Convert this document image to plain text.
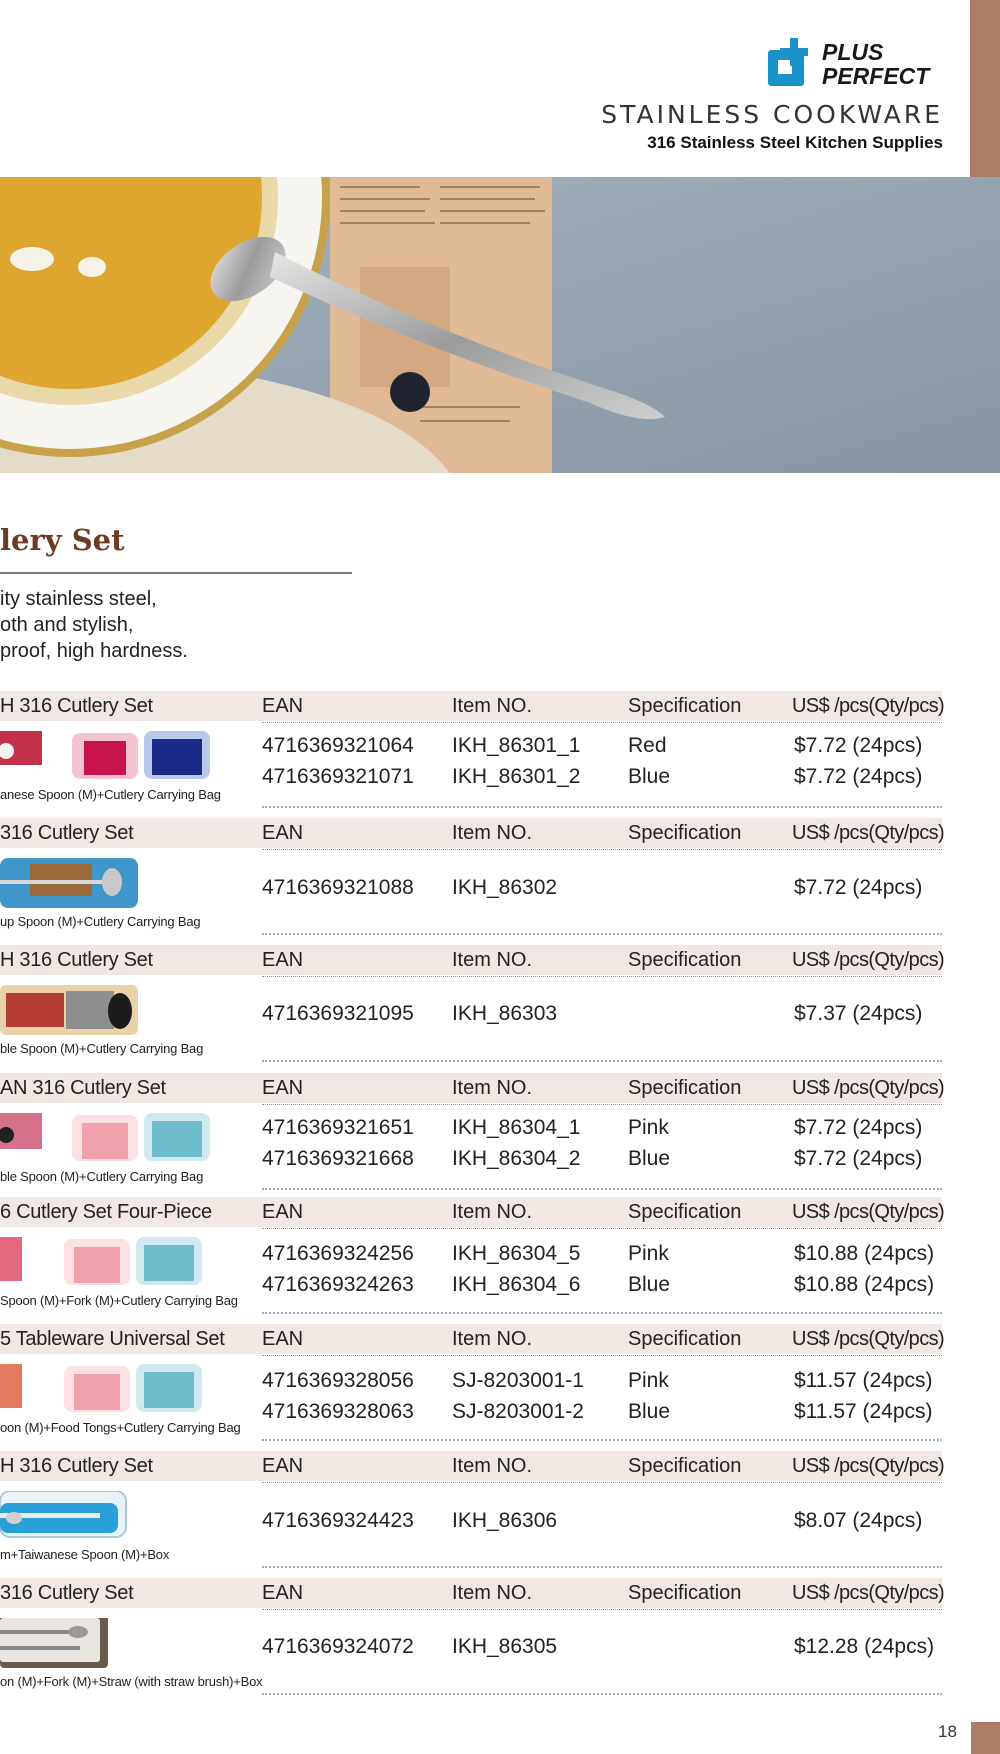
PLUS
PERFECT
STAINLESS COOKWARE
316 Stainless Steel Kitchen Supplies
lery Set
ity stainless steel,
oth and stylish,
proof, high hardness.
H 316 Cutlery Set	EAN	Item NO.	Specification	US$ /pcs(Qty/pcs)
anese Spoon (M)+Cutlery Carrying Bag
4716369321064 IKH_86301_1 Red	$7.72 (24pcs)
4716369321071 IKH_86301_2 Blue	$7.72 (24pcs)
316 Cutlery Set	EAN	Item NO.	Specification	US$ /pcs(Qty/pcs)
up Spoon (M)+Cutlery Carrying Bag
4716369321088 IKH_86302	$7.72 (24pcs)
H 316 Cutlery Set	EAN	Item NO.	Specification	US$ /pcs(Qty/pcs)
ble Spoon (M)+Cutlery Carrying Bag
4716369321095 IKH_86303	$7.37 (24pcs)
AN 316 Cutlery Set	EAN	Item NO.	Specification	US$ /pcs(Qty/pcs)
ble Spoon (M)+Cutlery Carrying Bag
4716369321651 IKH_86304_1 Pink	$7.72 (24pcs)
4716369321668 IKH_86304_2 Blue	$7.72 (24pcs)
6 Cutlery Set Four-Piece	EAN	Item NO.	Specification	US$ /pcs(Qty/pcs)
Spoon (M)+Fork (M)+Cutlery Carrying Bag
4716369324256 IKH_86304_5 Pink	$10.88 (24pcs)
4716369324263 IKH_86304_6 Blue	$10.88 (24pcs)
5 Tableware Universal Set EAN	Item NO.	Specification	US$ /pcs(Qty/pcs)
oon (M)+Food Tongs+Cutlery Carrying Bag
4716369328056 SJ-8203001-1 Pink	$11.57 (24pcs)
4716369328063 SJ-8203001-2 Blue	$11.57 (24pcs)
H 316 Cutlery Set	EAN	Item NO.	Specification	US$ /pcs(Qty/pcs)
m+Taiwanese Spoon (M)+Box
4716369324423 IKH_86306	$8.07 (24pcs)
316 Cutlery Set	EAN	Item NO.	Specification	US$ /pcs(Qty/pcs)
on (M)+Fork (M)+Straw (with straw brush)+Box
4716369324072 IKH_86305	$12.28 (24pcs)
18
